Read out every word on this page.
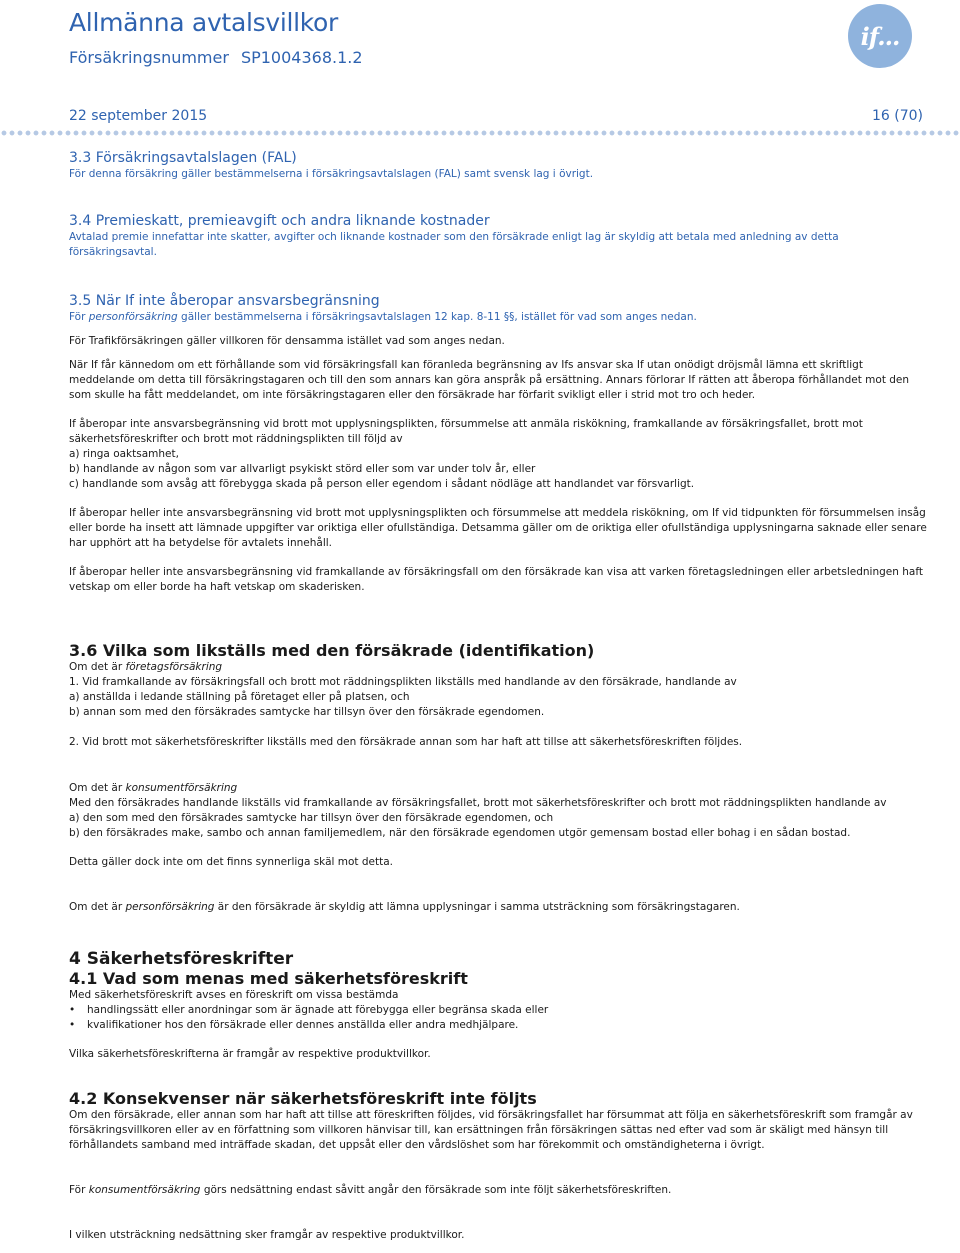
Allmänna avtalsvillkor
Försäkringsnummer SP1004368.1.2
if...
22 september 2015	16 (70)
3.3 Försäkringsavtalslagen (FAL)

För denna försäkring gäller bestämmelserna i försäkringsavtalslagen (FAL) samt svensk lag i övrigt.

3.4 Premieskatt, premieavgift och andra liknande kostnader

Avtalad premie innefattar inte skatter, avgifter och liknande kostnader som den försäkrade enligt lag är skyldig att betala med anledning av detta försäkringsavtal.

3.5 När If inte åberopar ansvarsbegränsning

För personförsäkring gäller bestämmelserna i försäkringsavtalslagen 12 kap. 8-11 §§, istället för vad som anges nedan.

För Trafikförsäkringen gäller villkoren för densamma istället vad som anges nedan.

När If får kännedom om ett förhållande som vid försäkringsfall kan föranleda begränsning av Ifs ansvar ska If utan onödigt dröjsmål lämna ett skriftligt meddelande om detta till försäkringstagaren och till den som annars kan göra anspråk på ersättning. Annars förlorar If rätten att åberopa förhållandet mot den som skulle ha fått meddelandet, om inte försäkringstagaren eller den försäkrade har förfarit svikligt eller i strid mot tro och heder.

If åberopar inte ansvarsbegränsning vid brott mot upplysningsplikten, försummelse att anmäla riskökning, framkallande av försäkringsfallet, brott mot säkerhetsföreskrifter och brott mot räddningsplikten till följd av

a) ringa oaktsamhet,

b) handlande av någon som var allvarligt psykiskt störd eller som var under tolv år, eller

c) handlande som avsåg att förebygga skada på person eller egendom i sådant nödläge att handlandet var försvarligt.

If åberopar heller inte ansvarsbegränsning vid brott mot upplysningsplikten och försummelse att meddela riskökning, om If vid tidpunkten för försummelsen insåg eller borde ha insett att lämnade uppgifter var oriktiga eller ofullständiga. Detsamma gäller om de oriktiga eller ofullständiga upplysningarna saknade eller senare har upphört att ha betydelse för avtalets innehåll.

If åberopar heller inte ansvarsbegränsning vid framkallande av försäkringsfall om den försäkrade kan visa att varken företagsledningen eller arbetsledningen haft vetskap om eller borde ha haft vetskap om skaderisken.

3.6 Vilka som likställs med den försäkrade (identifikation)

Om det är företagsförsäkring

1. Vid framkallande av försäkringsfall och brott mot räddningsplikten likställs med handlande av den försäkrade, handlande av

a) anställda i ledande ställning på företaget eller på platsen, och

b) annan som med den försäkrades samtycke har tillsyn över den försäkrade egendomen.

2. Vid brott mot säkerhetsföreskrifter likställs med den försäkrade annan som har haft att tillse att säkerhetsföreskriften följdes.

Om det är konsumentförsäkring

Med den försäkrades handlande likställs vid framkallande av försäkringsfallet, brott mot säkerhetsföreskrifter och brott mot räddningsplikten handlande av

a) den som med den försäkrades samtycke har tillsyn över den försäkrade egendomen, och

b) den försäkrades make, sambo och annan familjemedlem, när den försäkrade egendomen utgör gemensam bostad eller bohag i en sådan bostad.

Detta gäller dock inte om det finns synnerliga skäl mot detta.

Om det är personförsäkring är den försäkrade är skyldig att lämna upplysningar i samma utsträckning som försäkringstagaren.

4 Säkerhetsföreskrifter
4.1 Vad som menas med säkerhetsföreskrift

Med säkerhetsföreskrift avses en föreskrift om vissa bestämda

•	handlingssätt eller anordningar som är ägnade att förebygga eller begränsa skada eller
•	kvalifikationer hos den försäkrade eller dennes anställda eller andra medhjälpare.

Vilka säkerhetsföreskrifterna är framgår av respektive produktvillkor.

4.2 Konsekvenser när säkerhetsföreskrift inte följts

Om den försäkrade, eller annan som har haft att tillse att föreskriften följdes, vid försäkringsfallet har försummat att följa en säkerhetsföreskrift som framgår av försäkringsvillkoren eller av en författning som villkoren hänvisar till, kan ersättningen från försäkringen sättas ned efter vad som är skäligt med hänsyn till förhållandets samband med inträffade skadan, det uppsåt eller den vårdslöshet som har förekommit och omständigheterna i övrigt.

För konsumentförsäkring görs nedsättning endast såvitt angår den försäkrade som inte följt säkerhetsföreskriften.

I vilken utsträckning nedsättning sker framgår av respektive produktvillkor.
